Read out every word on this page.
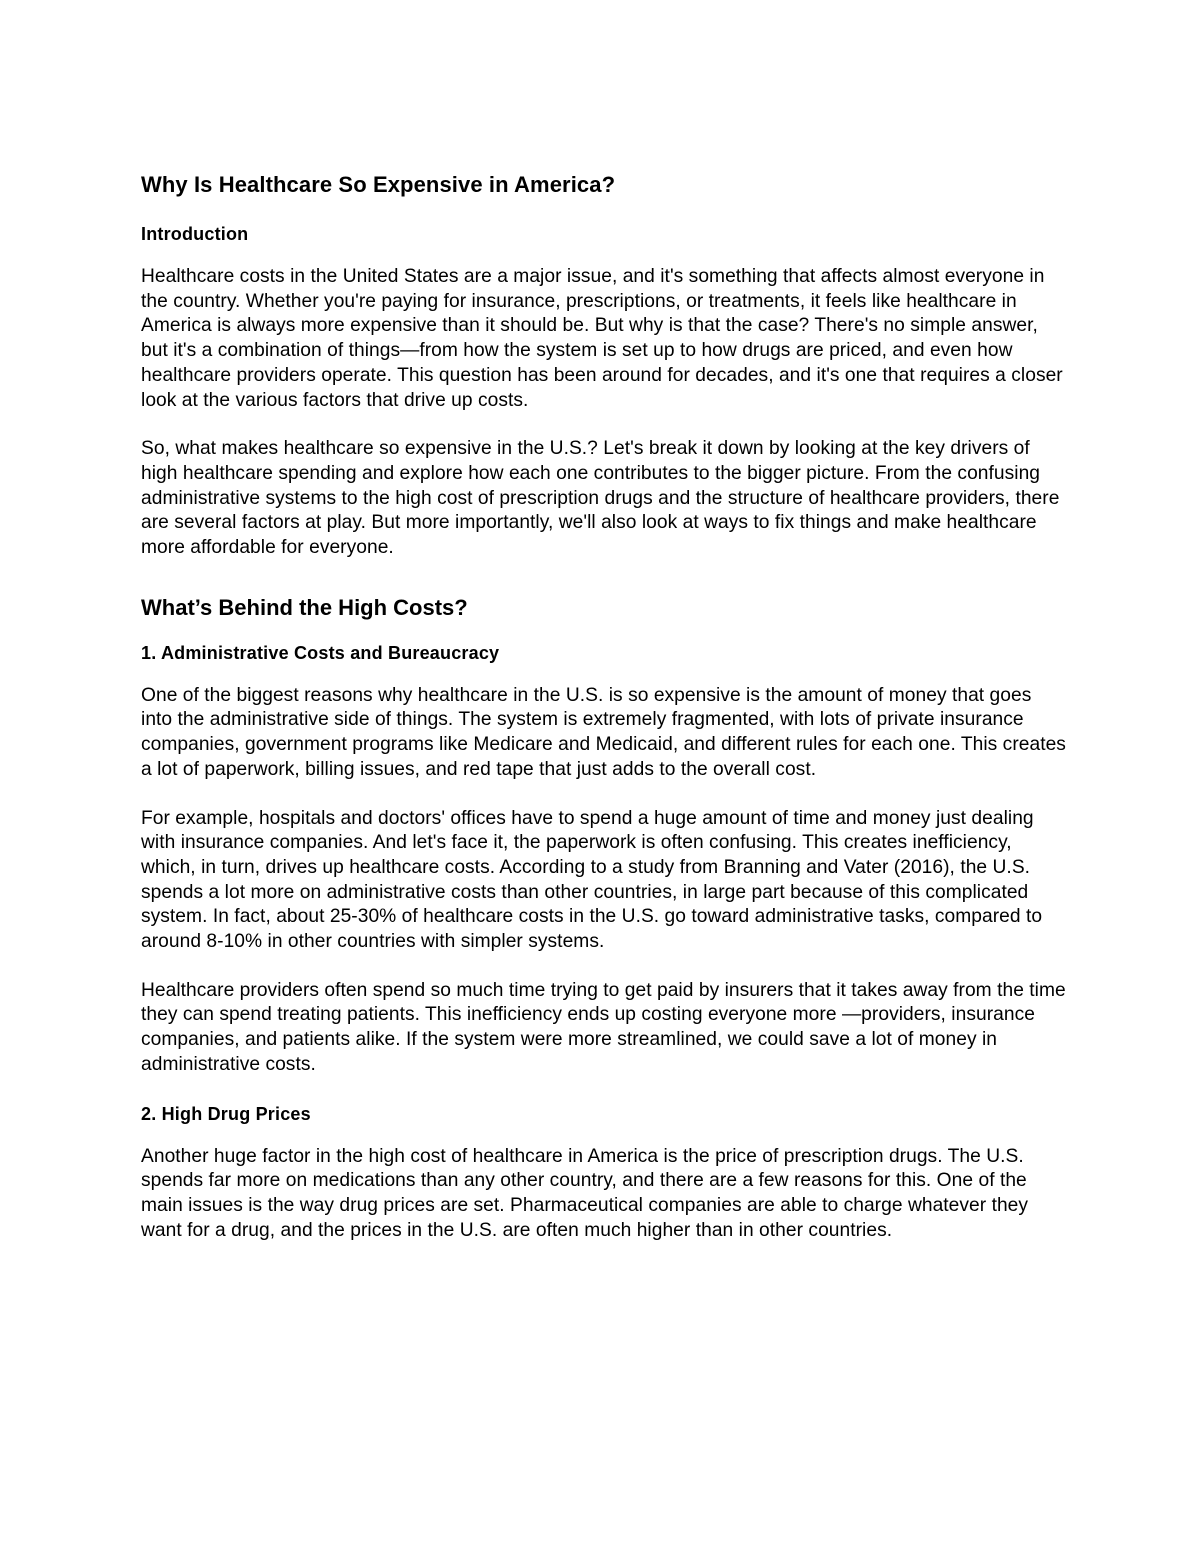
Why Is Healthcare So Expensive in America?
Introduction

Healthcare costs in the United States are a major issue, and it's something that affects almost everyone in the country. Whether you're paying for insurance, prescriptions, or treatments, it feels like healthcare in America is always more expensive than it should be. But why is that the case? There's no simple answer, but it's a combination of things—from how the system is set up to how drugs are priced, and even how healthcare providers operate. This question has been around for decades, and it's one that requires a closer look at the various factors that drive up costs.

So, what makes healthcare so expensive in the U.S.? Let's break it down by looking at the key drivers of high healthcare spending and explore how each one contributes to the bigger picture. From the confusing administrative systems to the high cost of prescription drugs and the structure of healthcare providers, there are several factors at play. But more importantly, we'll also look at ways to fix things and make healthcare more affordable for everyone.

What’s Behind the High Costs?
1. Administrative Costs and Bureaucracy

One of the biggest reasons why healthcare in the U.S. is so expensive is the amount of money that goes into the administrative side of things. The system is extremely fragmented, with lots of private insurance companies, government programs like Medicare and Medicaid, and different rules for each one. This creates a lot of paperwork, billing issues, and red tape that just adds to the overall cost.

For example, hospitals and doctors' offices have to spend a huge amount of time and money just dealing with insurance companies. And let's face it, the paperwork is often confusing. This creates inefficiency, which, in turn, drives up healthcare costs. According to a study from Branning and Vater (2016), the U.S. spends a lot more on administrative costs than other countries, in large part because of this complicated system. In fact, about 25-30% of healthcare costs in the U.S. go toward administrative tasks, compared to around 8-10% in other countries with simpler systems.

Healthcare providers often spend so much time trying to get paid by insurers that it takes away from the time they can spend treating patients. This inefficiency ends up costing everyone more —providers, insurance companies, and patients alike. If the system were more streamlined, we could save a lot of money in administrative costs.

2. High Drug Prices

Another huge factor in the high cost of healthcare in America is the price of prescription drugs. The U.S. spends far more on medications than any other country, and there are a few reasons for this. One of the main issues is the way drug prices are set. Pharmaceutical companies are able to charge whatever they want for a drug, and the prices in the U.S. are often much higher than in other countries.
